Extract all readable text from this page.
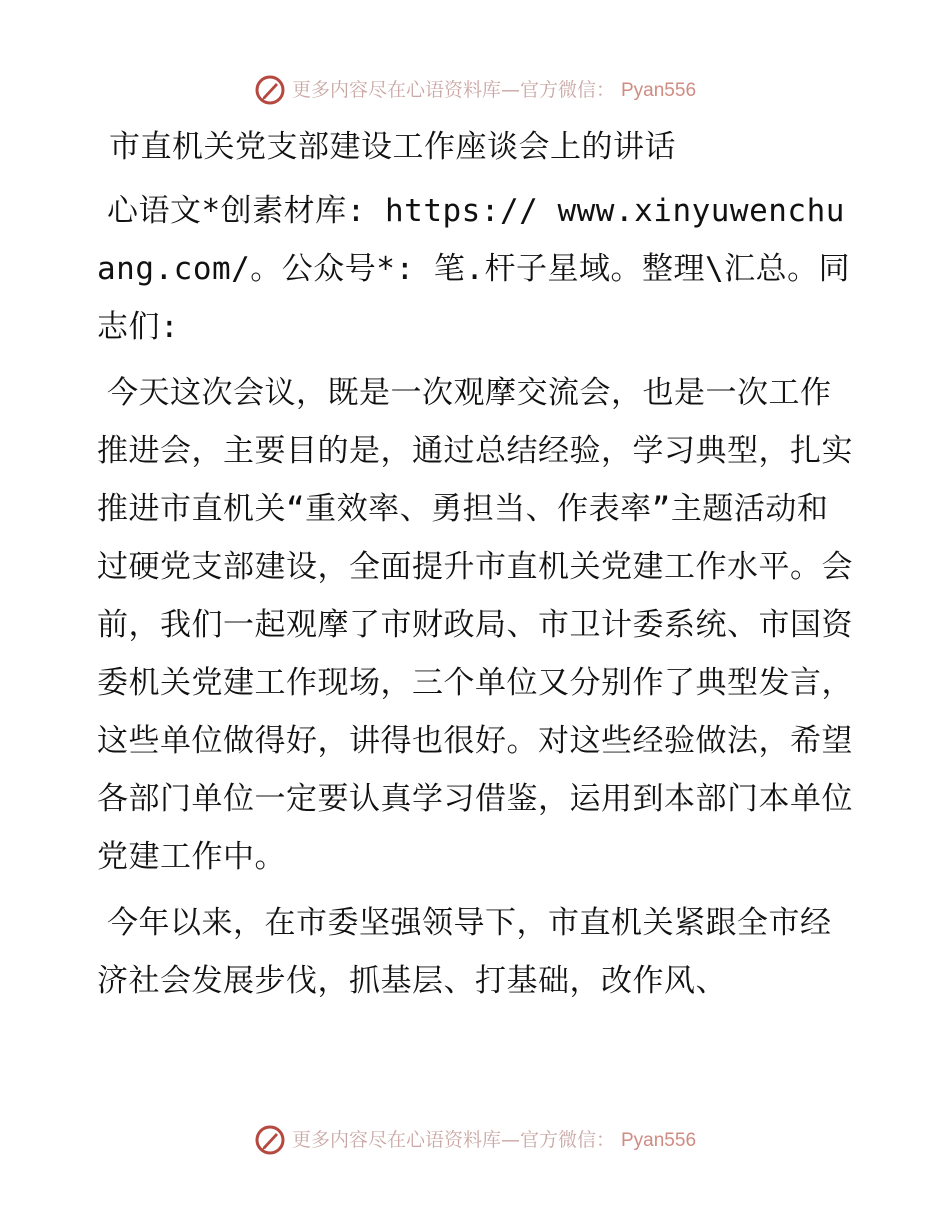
更多内容尽在心语资料库—官方微信： Pyan556
市直机关党支部建设工作座谈会上的讲话

心语文*创素材库: https:// www.xinyuwenchuang.com/。公众号*: 笔.杆子星域。整理\汇总。同志们:

今天这次会议，既是一次观摩交流会，也是一次工作推进会，主要目的是，通过总结经验，学习典型，扎实推进市直机关“重效率、勇担当、作表率”主题活动和过硬党支部建设，全面提升市直机关党建工作水平。会前，我们一起观摩了市财政局、市卫计委系统、市国资委机关党建工作现场，三个单位又分别作了典型发言，这些单位做得好，讲得也很好。对这些经验做法，希望各部门单位一定要认真学习借鉴，运用到本部门本单位党建工作中。

今年以来，在市委坚强领导下，市直机关紧跟全市经济社会发展步伐，抓基层、打基础，改作风、

更多内容尽在心语资料库—官方微信： Pyan556
